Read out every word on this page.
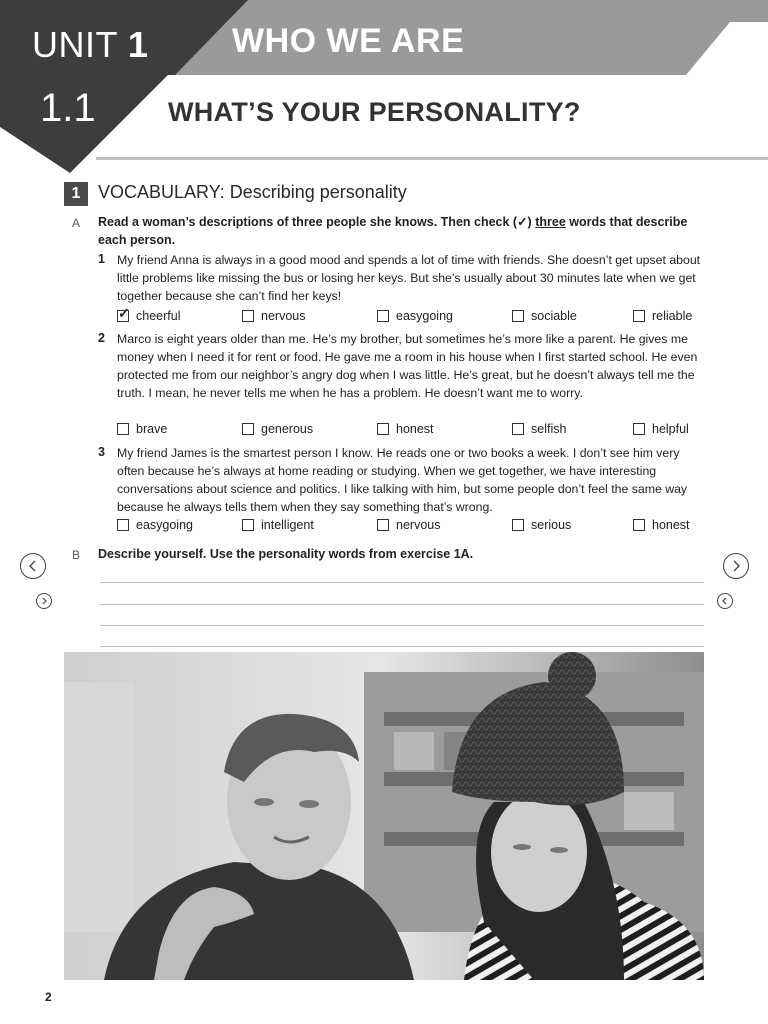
UNIT 1 WHO WE ARE
1.1	WHAT’S YOUR PERSONALITY?
1 VOCABULARY: Describing personality
A Read a woman’s descriptions of three people she knows. Then check (✓) three words that describe each person.
1 My friend Anna is always in a good mood and spends a lot of time with friends. She doesn’t get upset about little problems like missing the bus or losing her keys. But she’s usually about 30 minutes late when we get together because she can’t find her keys!
✓ cheerful	nervous	easygoing	sociable	reliable
2 Marco is eight years older than me. He’s my brother, but sometimes he’s more like a parent. He gives me money when I need it for rent or food. He gave me a room in his house when I first started school. He even protected me from our neighbor’s angry dog when I was little. He’s great, but he doesn’t always tell me the truth. I mean, he never tells me when he has a problem. He doesn’t want me to worry.
brave	generous	honest	selfish	helpful
3 My friend James is the smartest person I know. He reads one or two books a week. I don’t see him very often because he’s always at home reading or studying. When we get together, we have interesting conversations about science and politics. I like talking with him, but some people don’t feel the same way because he always tells them when they say something that’s wrong.
easygoing	intelligent	nervous	serious	honest
B Describe yourself. Use the personality words from exercise 1A.
2
